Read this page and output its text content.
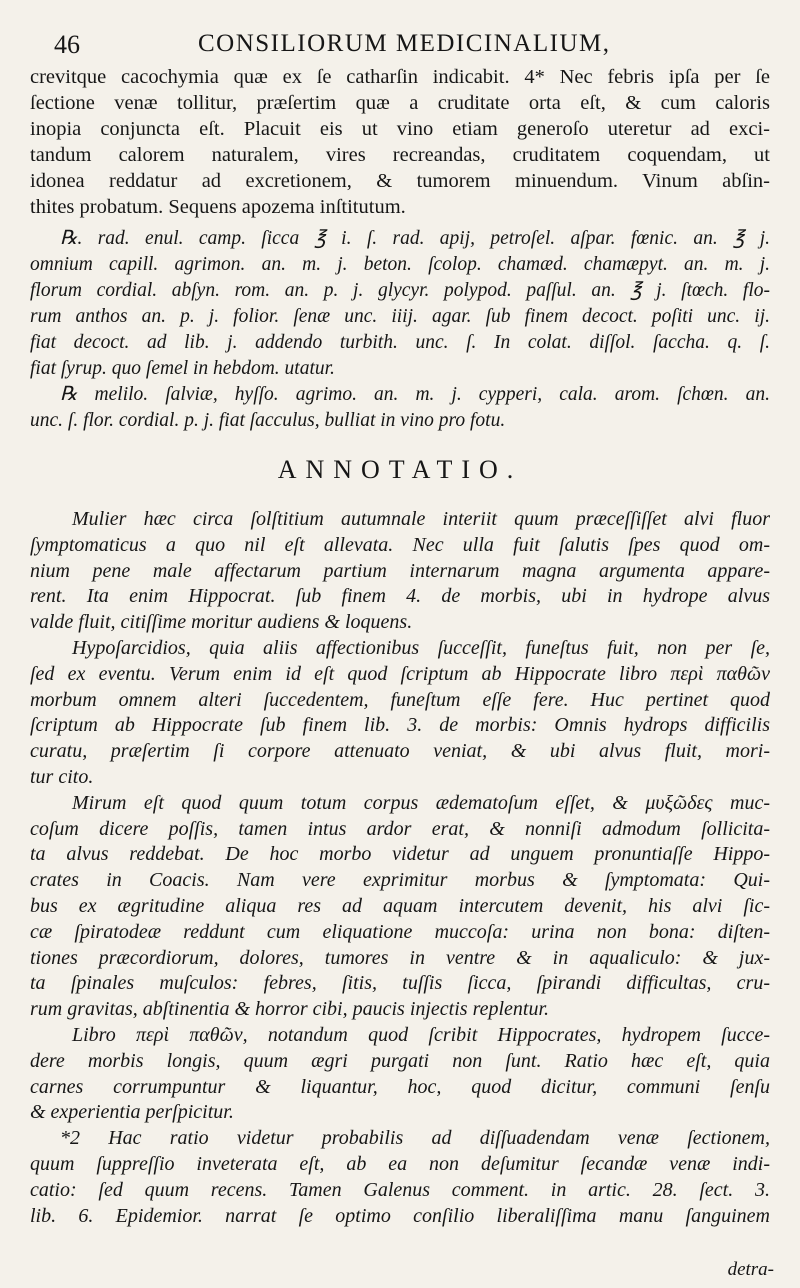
46	CONSILIORUM MEDICINALIUM,
crevitque cacochymia quæ ex ſe catharſin indicabit. 4* Nec febris ipſa per ſe
ſectione venæ tollitur, præſertim quæ a cruditate orta eſt, & cum caloris
inopia conjuncta eſt. Placuit eis ut vino etiam generoſo uteretur ad exci-
tandum calorem naturalem, vires recreandas, cruditatem coquendam, ut
idonea reddatur ad excretionem, & tumorem minuendum. Vinum abſin-
thites probatum. Sequens apozema inſtitutum.
℞. rad. enul. camp. ſicca ℥ i. ſ. rad. apij, petroſel. aſpar. fœnic. an. ℥ j.
omnium capill. agrimon. an. m. j. beton. ſcolop. chamæd. chamæpyt. an. m. j.
florum cordial. abſyn. rom. an. p. j. glycyr. polypod. paſſul. an. ℥ j. ſtœch. flo-
rum anthos an. p. j. folior. ſenæ unc. iiij. agar. ſub finem decoct. poſiti unc. ij.
fiat decoct. ad lib. j. addendo turbith. unc. ſ. In colat. diſſol. ſaccha. q. ſ.
fiat ſyrup. quo ſemel in hebdom. utatur.
℞ melilo. ſalviæ, hyſſo. agrimo. an. m. j. cypperi, cala. arom. ſchœn. an.
unc. ſ. flor. cordial. p. j. fiat ſacculus, bulliat in vino pro fotu.
ANNOTATIO.
Mulier hæc circa ſolſtitium autumnale interiit quum præceſſiſſet alvi fluor
ſymptomaticus a quo nil eſt allevata. Nec ulla fuit ſalutis ſpes quod om-
nium pene male affectarum partium internarum magna argumenta appare-
rent. Ita enim Hippocrat. ſub finem 4. de morbis, ubi in hydrope alvus
valde fluit, citiſſime moritur audiens & loquens.
Hypoſarcidios, quia aliis affectionibus ſucceſſit, funeſtus fuit, non per ſe,
ſed ex eventu. Verum enim id eſt quod ſcriptum ab Hippocrate libro περὶ παθῶν
morbum omnem alteri ſuccedentem, funeſtum eſſe fere. Huc pertinet quod
ſcriptum ab Hippocrate ſub finem lib. 3. de morbis: Omnis hydrops difficilis
curatu, præſertim ſi corpore attenuato veniat, & ubi alvus fluit, mori-
tur cito.
Mirum eſt quod quum totum corpus ædematoſum eſſet, & μυξῶδες muc-
coſum dicere poſſis, tamen intus ardor erat, & nonniſi admodum ſollicita-
ta alvus reddebat. De hoc morbo videtur ad unguem pronuntiaſſe Hippo-
crates in Coacis. Nam vere exprimitur morbus & ſymptomata: Qui-
bus ex ægritudine aliqua res ad aquam intercutem devenit, his alvi ſic-
cæ ſpiratodeæ reddunt cum eliquatione muccoſa: urina non bona: diſten-
tiones præcordiorum, dolores, tumores in ventre & in aqualiculo: & jux-
ta ſpinales muſculos: febres, ſitis, tuſſis ſicca, ſpirandi difficultas, cru-
rum gravitas, abſtinentia & horror cibi, paucis injectis replentur.
Libro περὶ παθῶν, notandum quod ſcribit Hippocrates, hydropem ſucce-
dere morbis longis, quum ægri purgati non ſunt. Ratio hæc eſt, quia
carnes corrumpuntur & liquantur, hoc, quod dicitur, communi ſenſu
& experientia perſpicitur.
*2 Hac ratio videtur probabilis ad diſſuadendam venæ ſectionem,
quum ſuppreſſio inveterata eſt, ab ea non deſumitur ſecandæ venæ indi-
catio: ſed quum recens. Tamen Galenus comment. in artic. 28. ſect. 3.
lib. 6. Epidemior. narrat ſe optimo conſilio liberaliſſima manu ſanguinem
detra-
